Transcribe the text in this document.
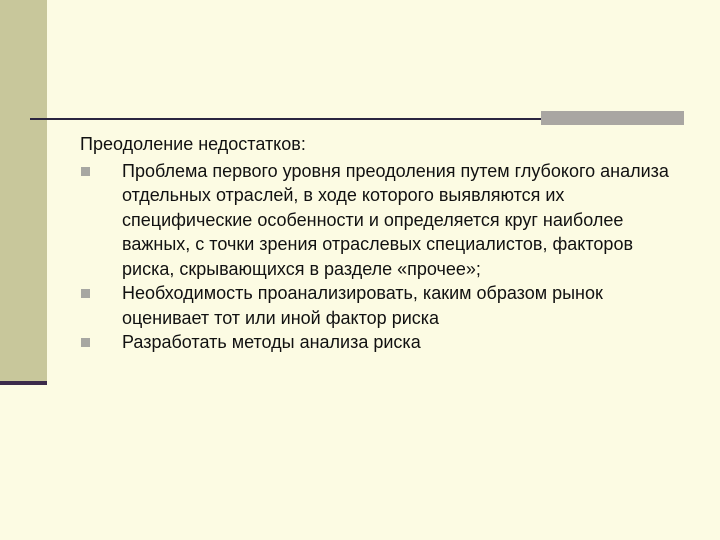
Преодоление недостатков:

Проблема первого уровня преодоления путем глубокого анализа отдельных отраслей, в ходе которого выявляются их специфические особенности и определяется круг наиболее важных, с точки зрения отраслевых специалистов, факторов риска, скрывающихся в разделе «прочее»;
Необходимость проанализировать, каким образом рынок оценивает тот или иной фактор риска
Разработать методы анализа риска
